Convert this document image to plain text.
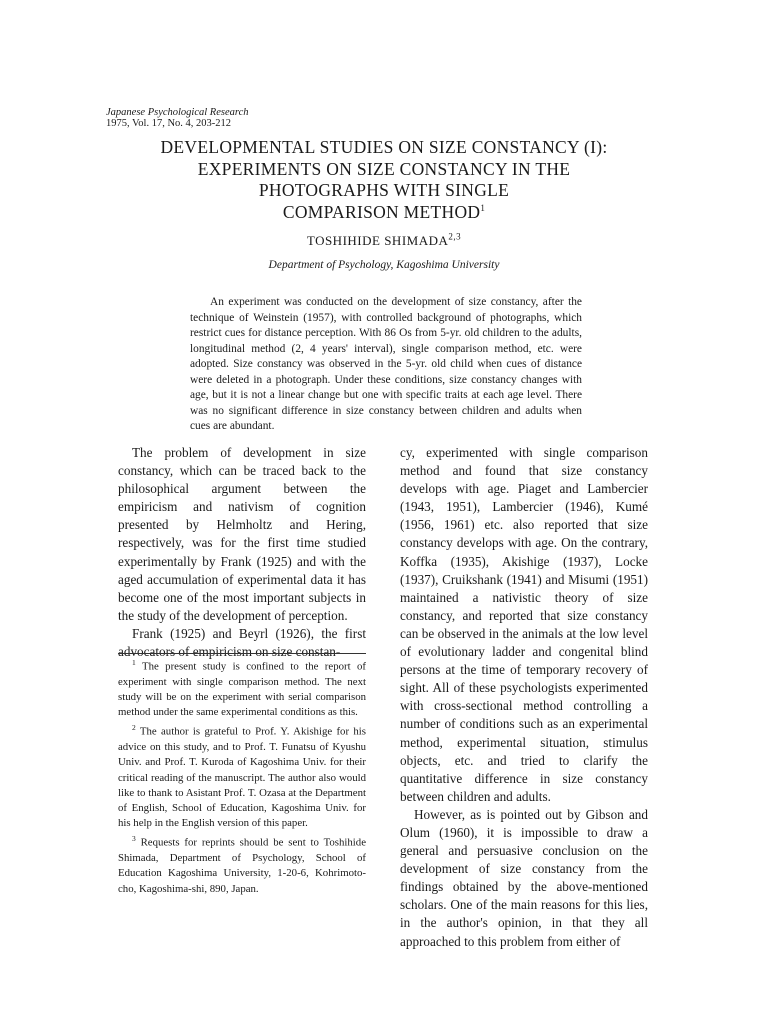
Japanese Psychological Research
1975, Vol. 17, No. 4, 203-212
DEVELOPMENTAL STUDIES ON SIZE CONSTANCY (I):
EXPERIMENTS ON SIZE CONSTANCY IN THE
PHOTOGRAPHS WITH SINGLE
COMPARISON METHOD$^1$
TOSHIHIDE SHIMADA$^{2,3}$
Department of Psychology, Kagoshima University

An experiment was conducted on the development of size constancy, after the technique of Weinstein (1957), with controlled background of photographs, which restrict cues for distance perception. With 86 Os from 5-yr. old children to the adults, longitudinal method (2, 4 years' interval), single comparison method, etc. were adopted. Size constancy was observed in the 5-yr. old child when cues of distance were deleted in a photograph. Under these conditions, size constancy changes with age, but it is not a linear change but one with specific traits at each age level. There was no significant difference in size constancy between children and adults when cues are abundant.

The problem of development in size constancy, which can be traced back to the philosophical argument between the empiricism and nativism of cognition presented by Helmholtz and Hering, respectively, was for the first time studied experimentally by Frank (1925) and with the aged accumulation of experimental data it has become one of the most important subjects in the study of the development of perception.

Frank (1925) and Beyrl (1926), the first advocators of empiricism on size constan-

$^1$ The present study is confined to the report of experiment with single comparison method. The next study will be on the experiment with serial comparison method under the same experimental conditions as this.

$^2$ The author is grateful to Prof. Y. Akishige for his advice on this study, and to Prof. T. Funatsu of Kyushu Univ. and Prof. T. Kuroda of Kagoshima Univ. for their critical reading of the manuscript. The author also would like to thank to Asistant Prof. T. Ozasa at the Department of English, School of Education, Kagoshima Univ. for his help in the English version of this paper.

$^3$ Requests for reprints should be sent to Toshihide Shimada, Department of Psychology, School of Education Kagoshima University, 1-20-6, Kohrimoto-cho, Kagoshima-shi, 890, Japan.

cy, experimented with single comparison method and found that size constancy develops with age. Piaget and Lambercier (1943, 1951), Lambercier (1946), Kumé (1956, 1961) etc. also reported that size constancy develops with age. On the contrary, Koffka (1935), Akishige (1937), Locke (1937), Cruikshank (1941) and Misumi (1951) maintained a nativistic theory of size constancy, and reported that size constancy can be observed in the animals at the low level of evolutionary ladder and congenital blind persons at the time of temporary recovery of sight. All of these psychologists experimented with cross-sectional method controlling a number of conditions such as an experimental method, experimental situation, stimulus objects, etc. and tried to clarify the quantitative difference in size constancy between children and adults.

However, as is pointed out by Gibson and Olum (1960), it is impossible to draw a general and persuasive conclusion on the development of size constancy from the findings obtained by the above-mentioned scholars. One of the main reasons for this lies, in the author's opinion, in that they all approached to this problem from either of
